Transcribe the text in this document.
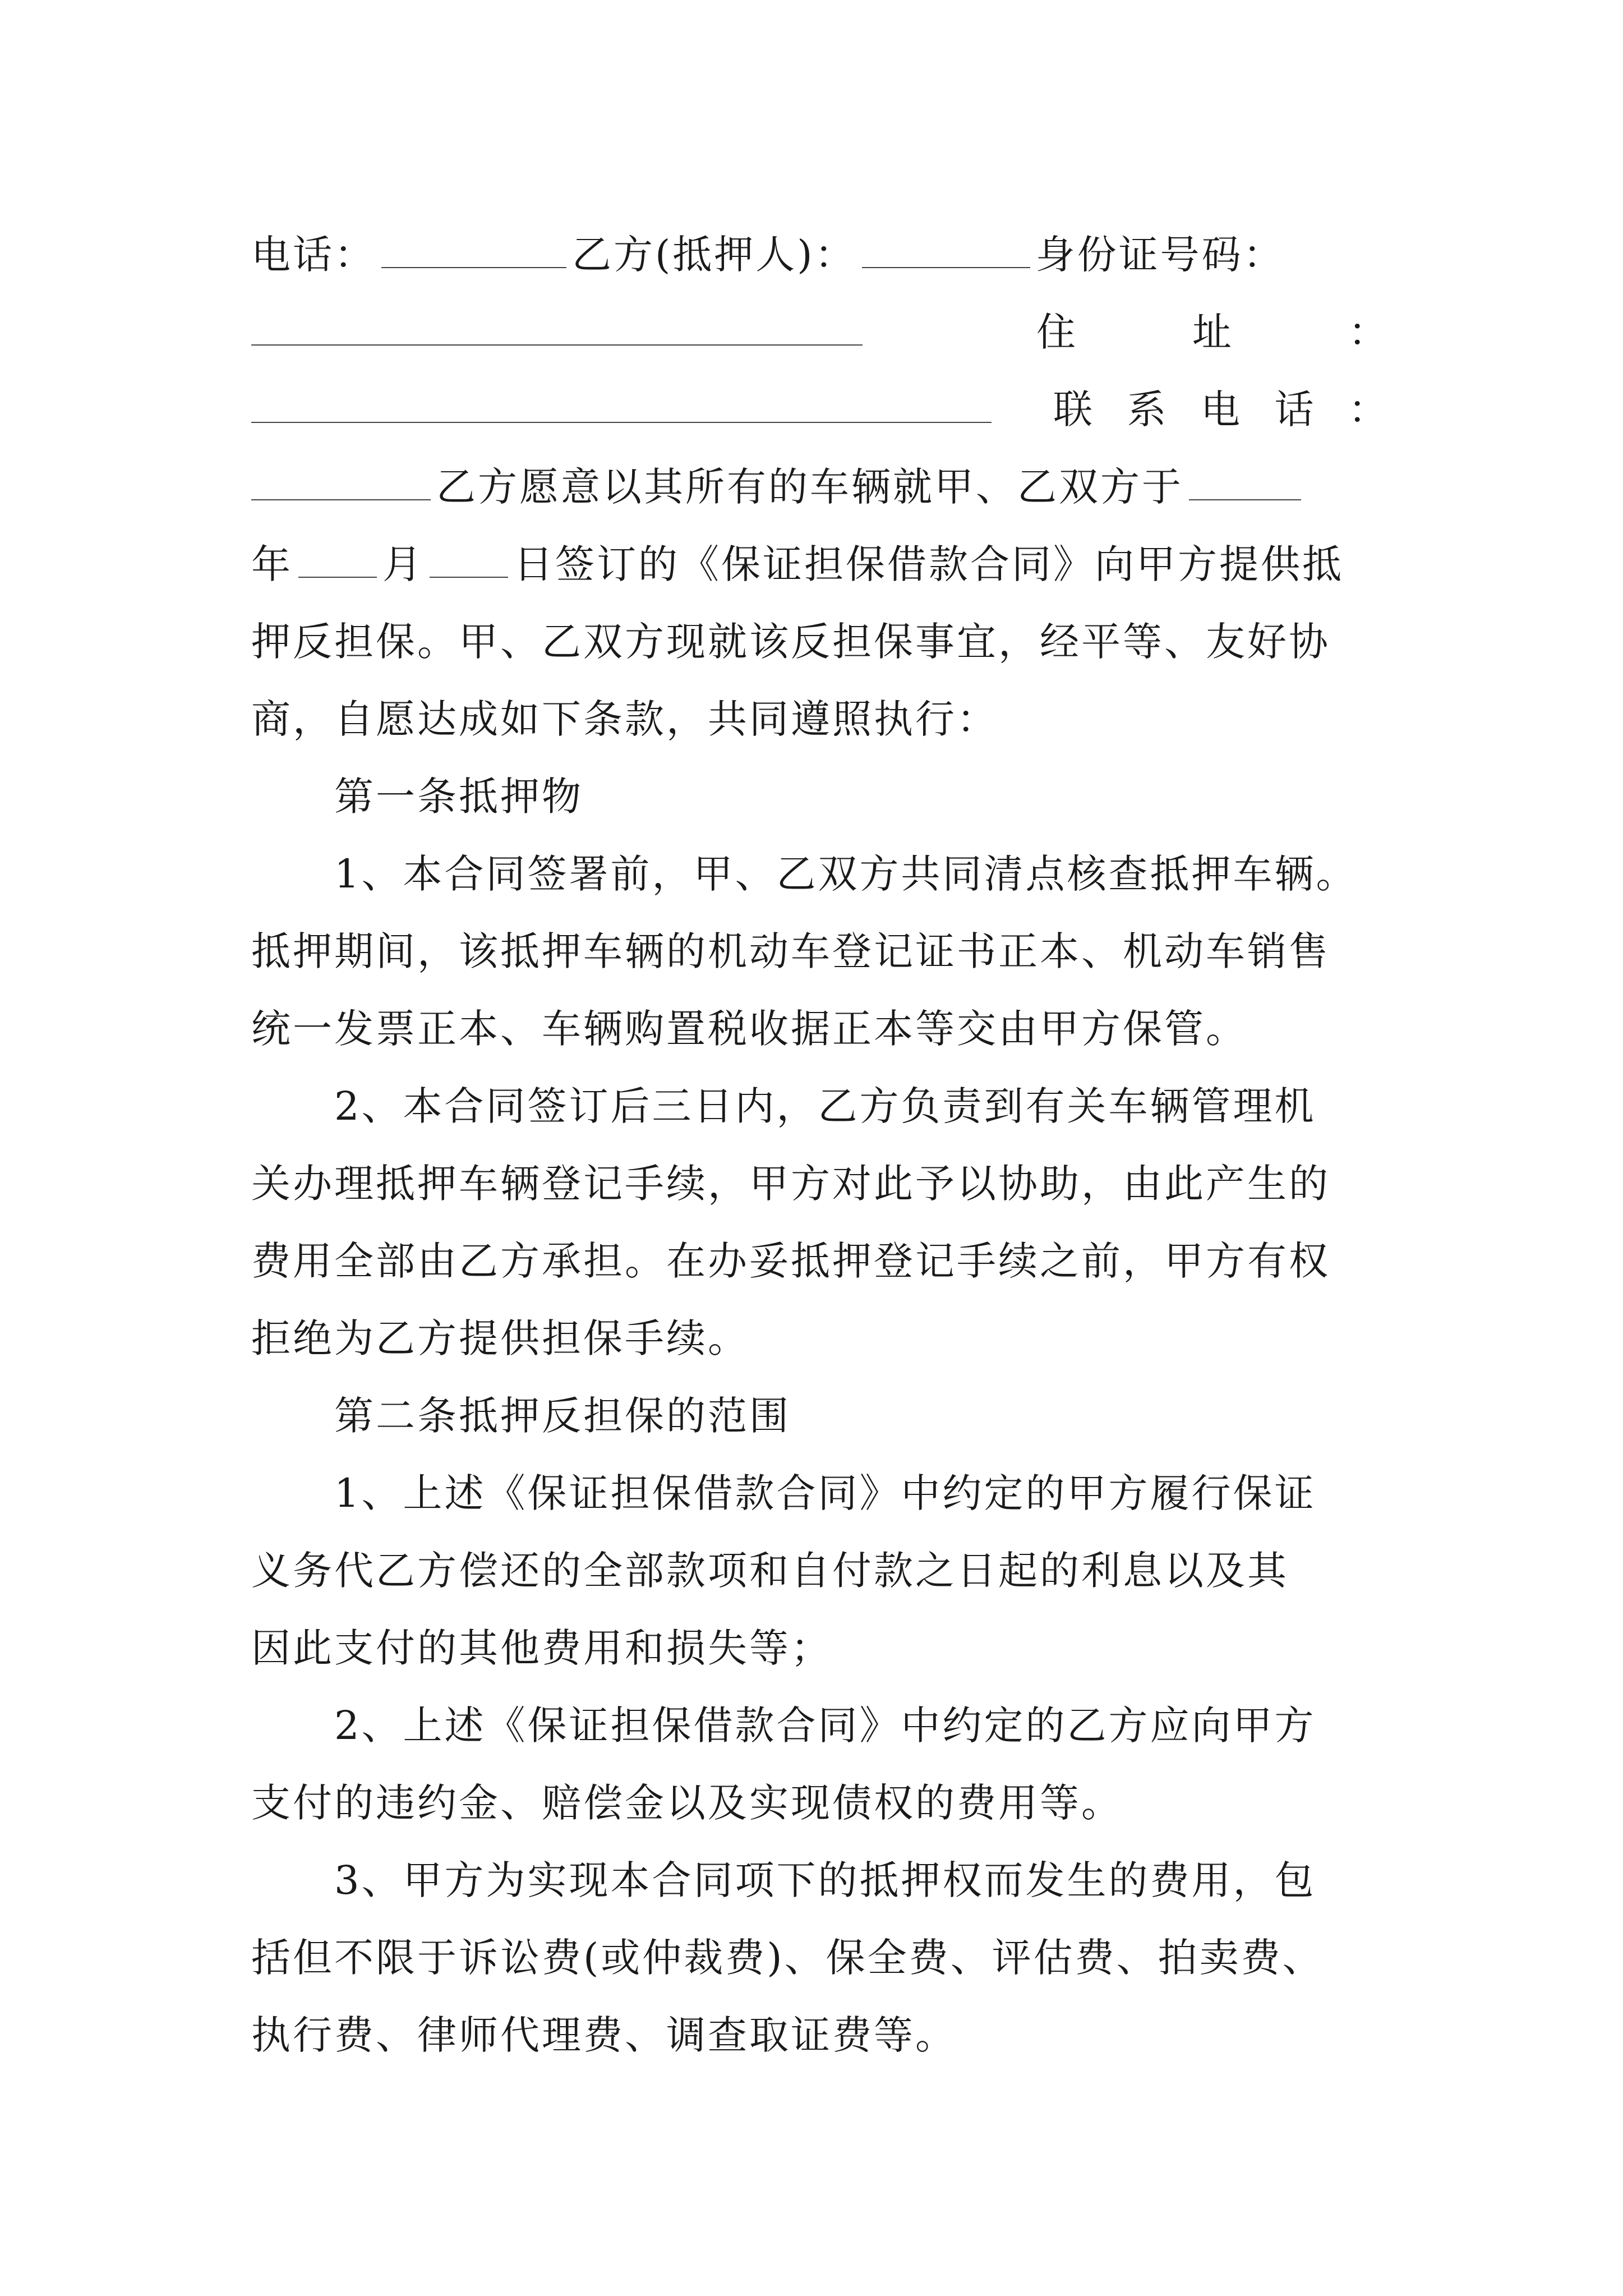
电话：	乙方(抵押人)：	身份证号码：
住	址	：
联 系 电 话 ：
乙方愿意以其所有的车辆就甲、乙双方于
年 月 日签订的《保证担保借款合同》向甲方提供抵
押反担保。甲、乙双方现就该反担保事宜，经平等、友好协
商，自愿达成如下条款，共同遵照执行：
第一条抵押物
1、本合同签署前，甲、乙双方共同清点核查抵押车辆。
抵押期间，该抵押车辆的机动车登记证书正本、机动车销售
统一发票正本、车辆购置税收据正本等交由甲方保管。
2、本合同签订后三日内，乙方负责到有关车辆管理机
关办理抵押车辆登记手续，甲方对此予以协助，由此产生的
费用全部由乙方承担。在办妥抵押登记手续之前，甲方有权
拒绝为乙方提供担保手续。
第二条抵押反担保的范围
1、上述《保证担保借款合同》中约定的甲方履行保证
义务代乙方偿还的全部款项和自付款之日起的利息以及其
因此支付的其他费用和损失等；
2、上述《保证担保借款合同》中约定的乙方应向甲方
支付的违约金、赔偿金以及实现债权的费用等。
3、甲方为实现本合同项下的抵押权而发生的费用，包
括但不限于诉讼费(或仲裁费)、保全费、评估费、拍卖费、
执行费、律师代理费、调查取证费等。
